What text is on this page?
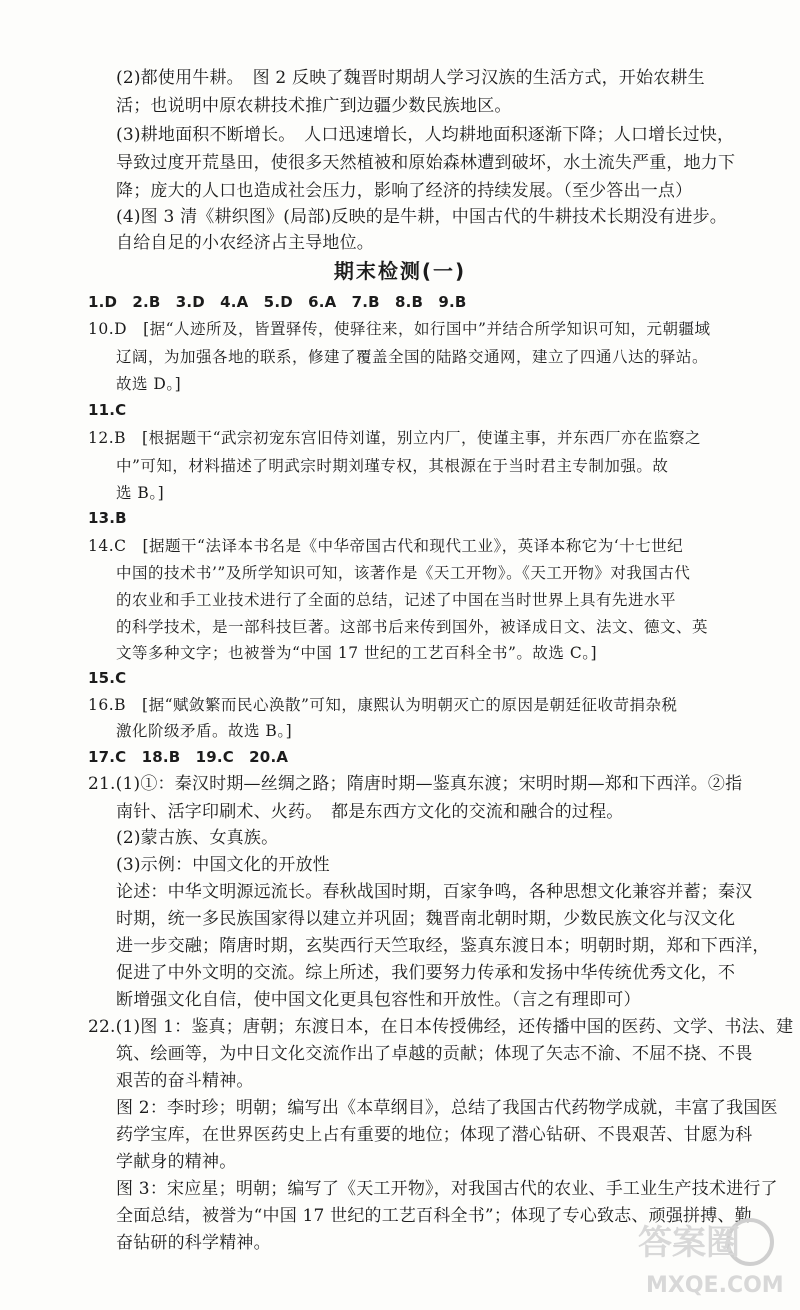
(2)都使用牛耕。　图 2 反映了魏晋时期胡人学习汉族的生活方式，开始农耕生
活；也说明中原农耕技术推广到边疆少数民族地区。
(3)耕地面积不断增长。　人口迅速增长，人均耕地面积逐渐下降；人口增长过快，
导致过度开荒垦田，使很多天然植被和原始森林遭到破坏，水土流失严重，地力下
降；庞大的人口也造成社会压力，影响了经济的持续发展。（至少答出一点）
(4)图 3 清《耕织图》(局部)反映的是牛耕，中国古代的牛耕技术长期没有进步。
自给自足的小农经济占主导地位。
期末检测(一)
1.D　2.B　3.D　4.A　5.D　6.A　7.B　8.B　9.B
10.D　[据“人迹所及，皆置驿传，使驿往来，如行国中”并结合所学知识可知，元朝疆域
辽阔，为加强各地的联系，修建了覆盖全国的陆路交通网，建立了四通八达的驿站。
故选 D。]
11.C
12.B　[根据题干“武宗初宠东宫旧侍刘谨，别立内厂，使谨主事，并东西厂亦在监察之
中”可知，材料描述了明武宗时期刘瑾专权，其根源在于当时君主专制加强。故
选 B。]
13.B
14.C　[据题干“法译本书名是《中华帝国古代和现代工业》，英译本称它为‘十七世纪
中国的技术书’”及所学知识可知，该著作是《天工开物》。《天工开物》对我国古代
的农业和手工业技术进行了全面的总结，记述了中国在当时世界上具有先进水平
的科学技术，是一部科技巨著。这部书后来传到国外，被译成日文、法文、德文、英
文等多种文字；也被誉为“中国 17 世纪的工艺百科全书”。故选 C。]
15.C
16.B　[据“赋敛繁而民心涣散”可知，康熙认为明朝灭亡的原因是朝廷征收苛捐杂税
激化阶级矛盾。故选 B。]
17.C　18.B　19.C　20.A
21.(1)①：秦汉时期—丝绸之路；隋唐时期—鉴真东渡；宋明时期—郑和下西洋。②指
南针、活字印刷术、火药。　都是东西方文化的交流和融合的过程。
(2)蒙古族、女真族。
(3)示例：中国文化的开放性
论述：中华文明源远流长。春秋战国时期，百家争鸣，各种思想文化兼容并蓄；秦汉
时期，统一多民族国家得以建立并巩固；魏晋南北朝时期，少数民族文化与汉文化
进一步交融；隋唐时期，玄奘西行天竺取经，鉴真东渡日本；明朝时期，郑和下西洋，
促进了中外文明的交流。综上所述，我们要努力传承和发扬中华传统优秀文化，不
断增强文化自信，使中国文化更具包容性和开放性。（言之有理即可）
22.(1)图 1：鉴真；唐朝；东渡日本，在日本传授佛经，还传播中国的医药、文学、书法、建
筑、绘画等，为中日文化交流作出了卓越的贡献；体现了矢志不渝、不屈不挠、不畏
艰苦的奋斗精神。
图 2：李时珍；明朝；编写出《本草纲目》，总结了我国古代药物学成就，丰富了我国医
药学宝库，在世界医药史上占有重要的地位；体现了潜心钻研、不畏艰苦、甘愿为科
学献身的精神。
图 3：宋应星；明朝；编写了《天工开物》，对我国古代的农业、手工业生产技术进行了
全面总结，被誉为“中国 17 世纪的工艺百科全书”；体现了专心致志、顽强拼搏、勤
奋钻研的科学精神。	答案圈
MXQE.COM
